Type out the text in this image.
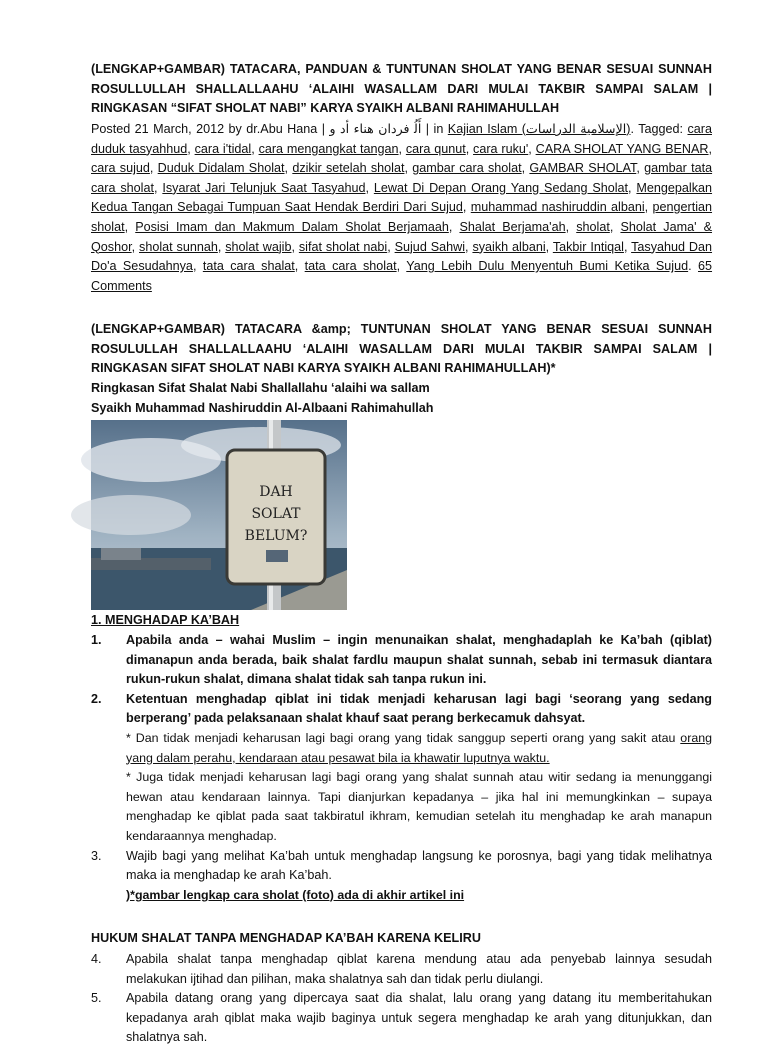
(LENGKAP+GAMBAR) TATACARA, PANDUAN & TUNTUNAN SHOLAT YANG BENAR SESUAI SUNNAH ROSULLULLAH SHALLALLAAHU ‘ALAIHI WASALLAM DARI MULAI TAKBIR SAMPAI SALAM | RINGKASAN “SIFAT SHOLAT NABI” KARYA SYAIKH ALBANI RAHIMAHULLAH
Posted 21 March, 2012 by dr.Abu Hana | ﺃَﻟُ ﻓﺮﺩﺍﻥ ﻫﻨﺎﺀ ﺃﺩ ﻭ | in Kajian Islam (ﺍﻹﺳﻼﻣﻴﺔ ﺍﻟﺪﺭﺍﺳﺎﺕ). Tagged: cara duduk tasyahhud, cara i'tidal, cara mengangkat tangan, cara qunut, cara ruku', CARA SHOLAT YANG BENAR, cara sujud, Duduk Didalam Sholat, dzikir setelah sholat, gambar cara sholat, GAMBAR SHOLAT, gambar tata cara sholat, Isyarat Jari Telunjuk Saat Tasyahud, Lewat Di Depan Orang Yang Sedang Sholat, Mengepalkan Kedua Tangan Sebagai Tumpuan Saat Hendak Berdiri Dari Sujud, muhammad nashiruddin albani, pengertian sholat, Posisi Imam dan Makmum Dalam Sholat Berjamaah, Shalat Berjama'ah, sholat, Sholat Jama' & Qoshor, sholat sunnah, sholat wajib, sifat sholat nabi, Sujud Sahwi, syaikh albani, Takbir Intiqal, Tasyahud Dan Do'a Sesudahnya, tata cara shalat, tata cara sholat, Yang Lebih Dulu Menyentuh Bumi Ketika Sujud. 65 Comments
(LENGKAP+GAMBAR) TATACARA &amp; TUNTUNAN SHOLAT YANG BENAR SESUAI SUNNAH ROSULULLAH SHALLALLAAHU ‘ALAIHI WASALLAM DARI MULAI TAKBIR SAMPAI SALAM | RINGKASAN SIFAT SHOLAT NABI KARYA SYAIKH ALBANI RAHIMAHULLAH)*
Ringkasan Sifat Shalat Nabi Shallallahu ‘alaihi wa sallam
Syaikh Muhammad Nashiruddin Al-Albaani Rahimahullah
DAH
SOLAT
BELUM?
1. MENGHADAP KA’BAH
1. Apabila anda – wahai Muslim – ingin menunaikan shalat, menghadaplah ke Ka’bah (qiblat) dimanapun anda berada, baik shalat fardlu maupun shalat sunnah, sebab ini termasuk diantara rukun-rukun shalat, dimana shalat tidak sah tanpa rukun ini.
2. Ketentuan menghadap qiblat ini tidak menjadi keharusan lagi bagi ‘seorang yang sedang berperang’ pada pelaksanaan shalat khauf saat perang berkecamuk dahsyat.
* Dan tidak menjadi keharusan lagi bagi orang yang tidak sanggup seperti orang yang sakit atau orang yang dalam perahu, kendaraan atau pesawat bila ia khawatir luputnya waktu.
* Juga tidak menjadi keharusan lagi bagi orang yang shalat sunnah atau witir sedang ia menunggangi hewan atau kendaraan lainnya. Tapi dianjurkan kepadanya – jika hal ini memungkinkan – supaya menghadap ke qiblat pada saat takbiratul ikhram, kemudian setelah itu menghadap ke arah manapun kendaraannya menghadap.
3. Wajib bagi yang melihat Ka’bah untuk menghadap langsung ke porosnya, bagi yang tidak melihatnya maka ia menghadap ke arah Ka’bah.
)*gambar lengkap cara sholat (foto) ada di akhir artikel ini
HUKUM SHALAT TANPA MENGHADAP KA’BAH KARENA KELIRU
4. Apabila shalat tanpa menghadap qiblat karena mendung atau ada penyebab lainnya sesudah melakukan ijtihad dan pilihan, maka shalatnya sah dan tidak perlu diulangi.
5. Apabila datang orang yang dipercaya saat dia shalat, lalu orang yang datang itu memberitahukan kepadanya arah qiblat maka wajib baginya untuk segera menghadap ke arah yang ditunjukkan, dan shalatnya sah.
